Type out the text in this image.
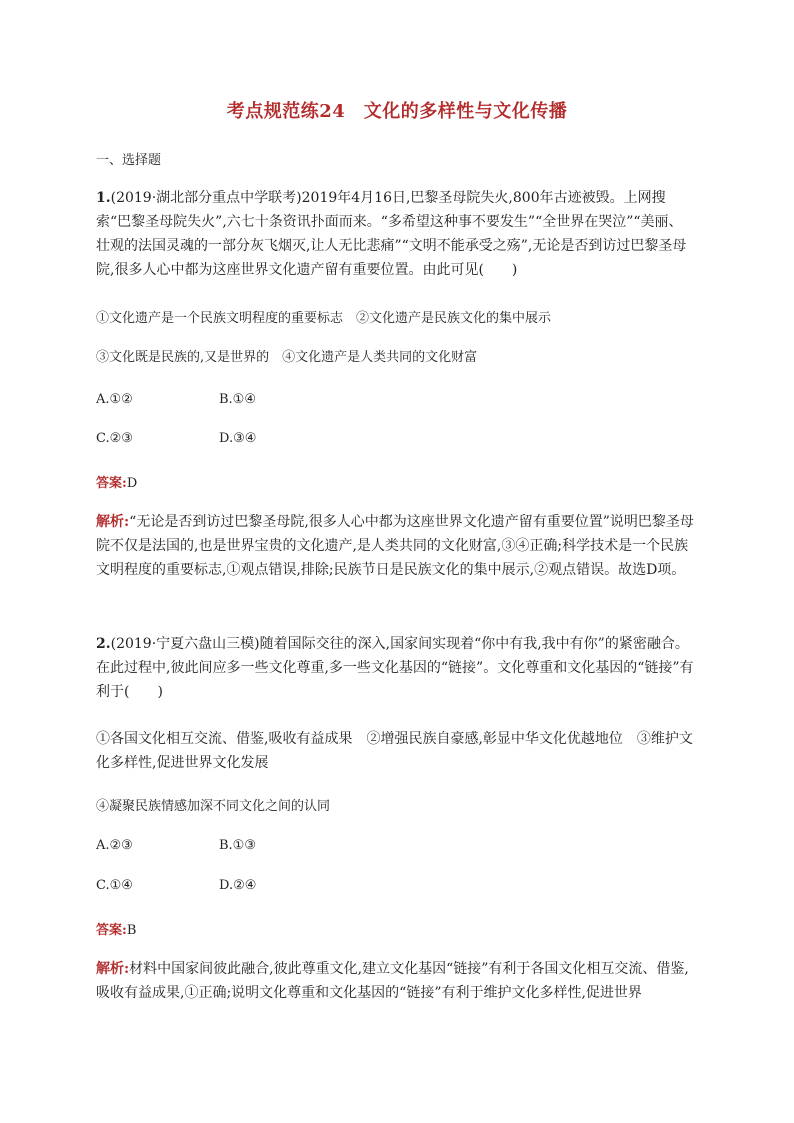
考点规范练24　文化的多样性与文化传播
一、选择题
1.(2019·湖北部分重点中学联考)2019年4月16日,巴黎圣母院失火,800年古迹被毁。上网搜索“巴黎圣母院失火”,六七十条资讯扑面而来。“多希望这种事不要发生”“全世界在哭泣”“美丽、壮观的法国灵魂的一部分灰飞烟灭,让人无比悲痛”“文明不能承受之殇”,无论是否到访过巴黎圣母院,很多人心中都为这座世界文化遗产留有重要位置。由此可见(　　)
①文化遗产是一个民族文明程度的重要标志　②文化遗产是民族文化的集中展示
③文化既是民族的,又是世界的　④文化遗产是人类共同的文化财富
A.①②	B.①④
C.②③	D.③④
答案:D
解析:“无论是否到访过巴黎圣母院,很多人心中都为这座世界文化遗产留有重要位置”说明巴黎圣母院不仅是法国的,也是世界宝贵的文化遗产,是人类共同的文化财富,③④正确;科学技术是一个民族文明程度的重要标志,①观点错误,排除;民族节日是民族文化的集中展示,②观点错误。故选D项。
2.(2019·宁夏六盘山三模)随着国际交往的深入,国家间实现着“你中有我,我中有你”的紧密融合。在此过程中,彼此间应多一些文化尊重,多一些文化基因的“链接”。文化尊重和文化基因的“链接”有利于(　　)
①各国文化相互交流、借鉴,吸收有益成果　②增强民族自豪感,彰显中华文化优越地位　③维护文化多样性,促进世界文化发展
④凝聚民族情感加深不同文化之间的认同
A.②③	B.①③
C.①④	D.②④
答案:B
解析:材料中国家间彼此融合,彼此尊重文化,建立文化基因“链接”有利于各国文化相互交流、借鉴,吸收有益成果,①正确;说明文化尊重和文化基因的“链接”有利于维护文化多样性,促进世界
